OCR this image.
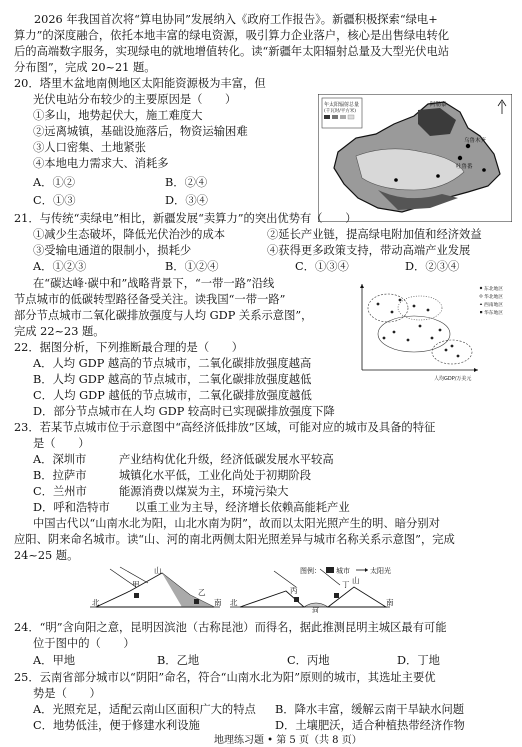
2026 年我国首次将“算电协同”发展纳入《政府工作报告》。新疆积极探索“绿电+
算力”的深度融合，依托本地丰富的绿电资源，吸引算力企业落户，核心是出售绿电转化
后的高端数字服务，实现绿电的就地增值转化。读“新疆年太阳辐射总量及大型光伏电站
分布图”，完成 20~21 题。
20．塔里木盆地南侧地区太阳能资源极为丰富，但
光伏电站分布较少的主要原因是（　　）
①多山，地势起伏大，施工难度大
②远离城镇，基础设施落后，物资运输困难
③人口密集、土地紧张
④本地电力需求大、消耗多
A．①②	B．②④
C．①③	D．③④
年太阳辐射总量
(千瓦时/平方米)
阿勒泰
乌鲁木齐
吐鲁番
21．与传统“卖绿电”相比，新疆发展“卖算力”的突出优势有（　　）
①减少生态破坏，降低光伏治沙的成本	②延长产业链，提高绿电附加值和经济效益
③受输电通道的限制小，损耗少	④获得更多政策支持，带动高端产业发展
A．①②③	B．①②④	C．①③④	D．②③④
在“碳达峰·碳中和”战略背景下，“一带一路”沿线
节点城市的低碳转型路径备受关注。读我国“一带一路”
部分节点城市二氧化碳排放强度与人均 GDP 关系示意图”，
完成 22~23 题。
人均GDP/万美元
东北地区
华北地区
西南地区
华东地区
22．据图分析，下列推断最合理的是（　　）
A．人均 GDP 越高的节点城市，二氧化碳排放强度越高
B．人均 GDP 越高的节点城市，二氧化碳排放强度越低
C．人均 GDP 越低的节点城市，二氧化碳排放强度越低
D．部分节点城市在人均 GDP 较高时已实现碳排放强度下降
23．若某节点城市位于示意图中“高经济低排放”区域，可能对应的城市及具备的特征
是（　　）
A．深圳市	产业结构优化升级，经济低碳发展水平较高
B．拉萨市	城镇化水平低，工业化尚处于初期阶段
C．兰州市	能源消费以煤炭为主，环境污染大
D．呼和浩特市 以重工业为主导，经济增长依赖高能耗产业
中国古代以“山南水北为阳，山北水南为阴”，故而以太阳光照产生的明、暗分别对
应阳、阴来命名城市。读“山、河的南北两侧太阳光照差异与城市名称关系示意图”，完成
24~25 题。
图例： 城市	太阳光
山
甲
乙
北	南 北	南
丙
丁
河
山
24．“明”含向阳之意，昆明因滨池（古称昆池）而得名，据此推测昆明主城区最有可能
位于图中的（　　）
A．甲地	B．乙地	C．丙地	D．丁地
25．云南省部分城市以“阴阳”命名，符合“山南水北为阳”原则的城市，其选址主要优
势是（　　）
A．光照充足，适配云南山区面积广大的特点 B．降水丰富，缓解云南干旱缺水问题
C．地势低洼，便于修建水利设施	D．土壤肥沃，适合种植热带经济作物
地理练习题 • 第 5 页（共 8 页）
